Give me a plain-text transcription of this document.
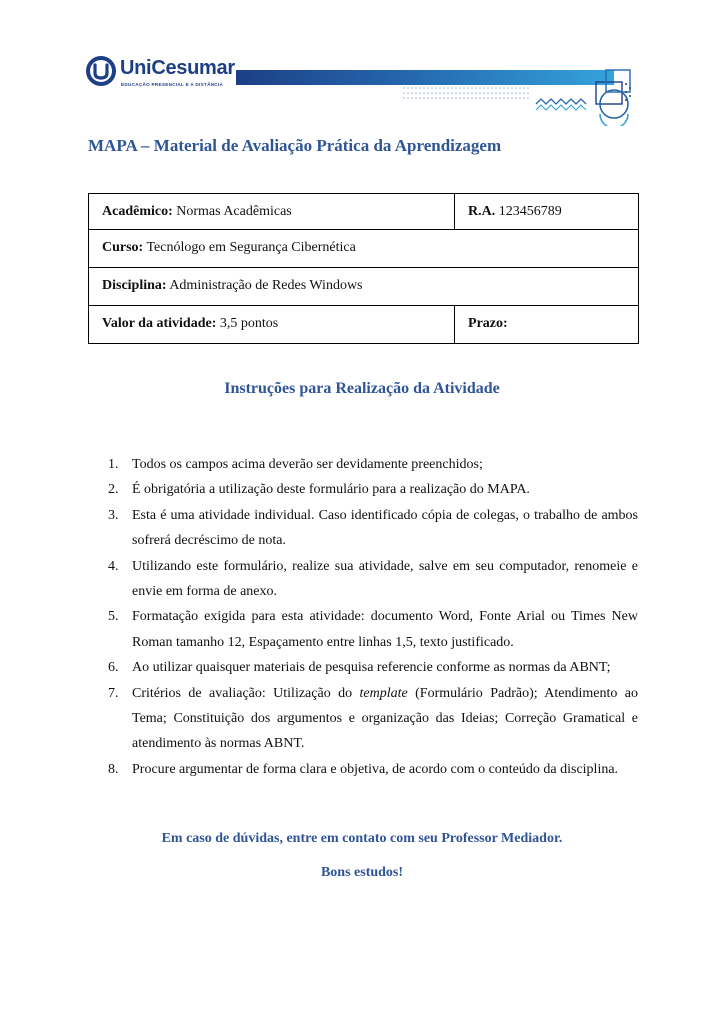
UniCesumar
EDUCAÇÃO PRESENCIAL E A DISTÂNCIA
MAPA – Material de Avaliação Prática da Aprendizagem
Acadêmico: Normas Acadêmicas	R.A. 123456789
Curso: Tecnólogo em Segurança Cibernética	
Disciplina: Administração de Redes Windows	
Valor da atividade: 3,5 pontos	Prazo:
Instruções para Realização da Atividade
1. Todos os campos acima deverão ser devidamente preenchidos;
2. É obrigatória a utilização deste formulário para a realização do MAPA.
3. Esta é uma atividade individual. Caso identificado cópia de colegas, o trabalho de ambos sofrerá decréscimo de nota.
4. Utilizando este formulário, realize sua atividade, salve em seu computador, renomeie e envie em forma de anexo.
5. Formatação exigida para esta atividade: documento Word, Fonte Arial ou Times New Roman tamanho 12, Espaçamento entre linhas 1,5, texto justificado.
6. Ao utilizar quaisquer materiais de pesquisa referencie conforme as normas da ABNT;
7. Critérios de avaliação: Utilização do template (Formulário Padrão); Atendimento ao Tema; Constituição dos argumentos e organização das Ideias; Correção Gramatical e atendimento às normas ABNT.
8. Procure argumentar de forma clara e objetiva, de acordo com o conteúdo da disciplina.
Em caso de dúvidas, entre em contato com seu Professor Mediador.
Bons estudos!
